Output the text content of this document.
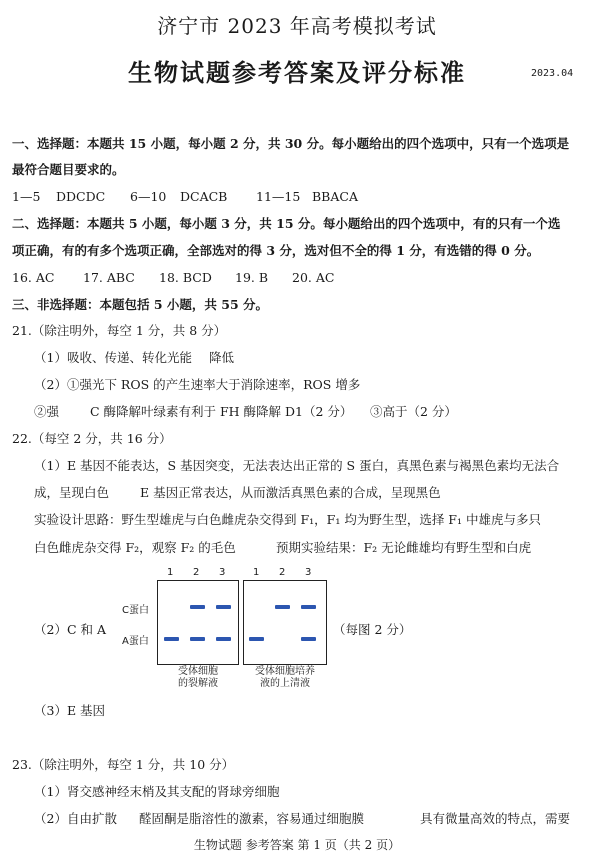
济宁市 2023 年高考模拟考试
生物试题参考答案及评分标准	2023.04
一、选择题：本题共 15 小题，每小题 2 分，共 30 分。每小题给出的四个选项中，只有一个选项是
最符合题目要求的。
1—5 DDCDC 6—10 DCACB 11—15 BBACA
二、选择题：本题共 5 小题，每小题 3 分，共 15 分。每小题给出的四个选项中，有的只有一个选
项正确，有的有多个选项正确，全部选对的得 3 分，选对但不全的得 1 分，有选错的得 0 分。
16. AC 17. ABC 18. BCD 19. B 20. AC
三、非选择题：本题包括 5 小题，共 55 分。
21.（除注明外，每空 1 分，共 8 分）
（1）吸收、传递、转化光能 降低
（2）①强光下 ROS 的产生速率大于消除速率，ROS 增多
②强 C 酶降解叶绿素有利于 FH 酶降解 D1（2 分） ③高于（2 分）
22.（每空 2 分，共 16 分）
（1）E 基因不能表达，S 基因突变，无法表达出正常的 S 蛋白，真黑色素与褐黑色素均无法合
成，呈现白色 E 基因正常表达，从而激活真黑色素的合成，呈现黑色
实验设计思路：野生型雄虎与白色雌虎杂交得到 F₁，F₁ 均为野生型，选择 F₁ 中雄虎与多只
白色雌虎杂交得 F₂，观察 F₂ 的毛色	预期实验结果：F₂ 无论雌雄均有野生型和白虎
1 2 3	1 2 3
C蛋白
A蛋白
受体细胞
的裂解液
受体细胞培养
液的上清液
（2）C 和 A	（每图 2 分）
（3）E 基因
23.（除注明外，每空 1 分，共 10 分）
（1）肾交感神经末梢及其支配的肾球旁细胞
（2）自由扩散 醛固酮是脂溶性的激素，容易通过细胞膜	具有微量高效的特点，需要
生物试题 参考答案 第 1 页（共 2 页）
